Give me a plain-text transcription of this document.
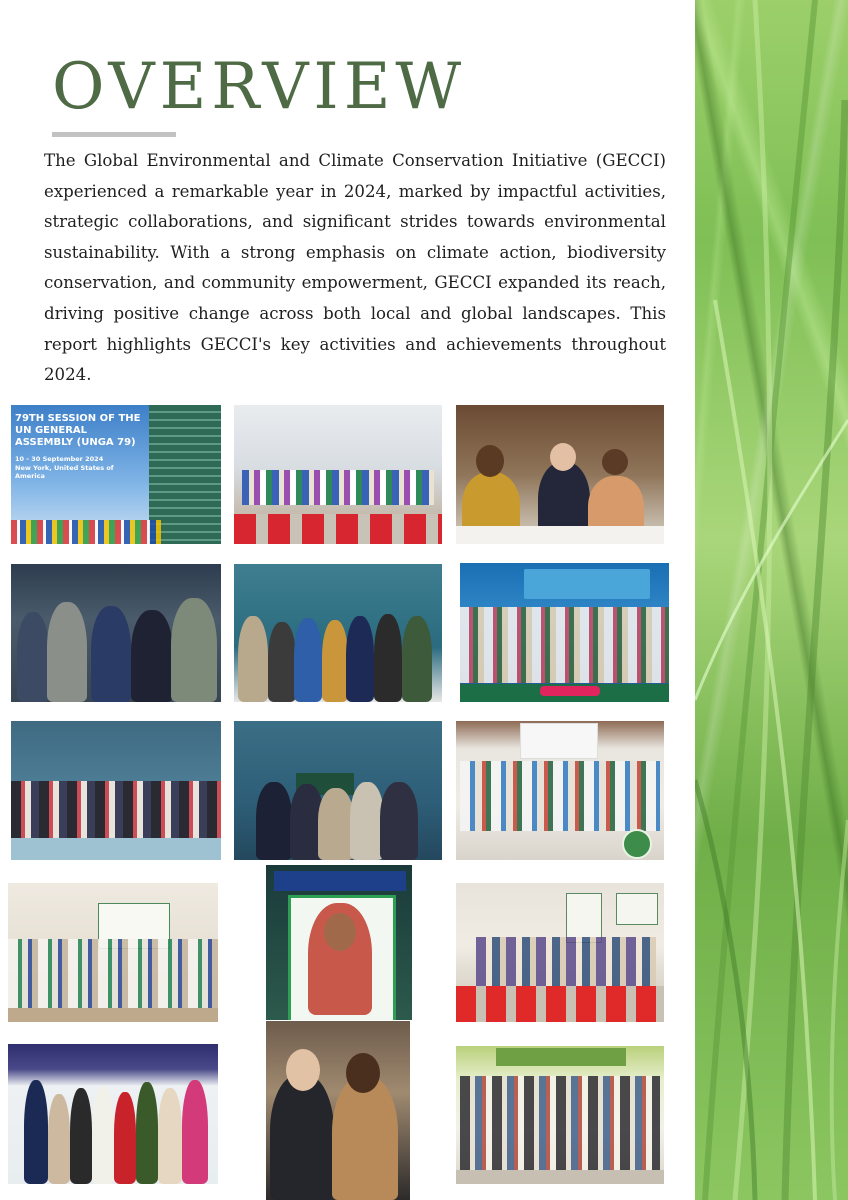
OVERVIEW

The Global Environmental and Climate Conservation Initiative (GECCI) experienced a remarkable year in 2024, marked by impactful activities, strategic collaborations, and significant strides towards environmental sustainability. With a strong emphasis on climate action, biodiversity conservation, and community empowerment, GECCI expanded its reach, driving positive change across both local and global landscapes. This report highlights GECCI's key activities and achievements throughout 2024.

79TH SESSION OF THE UN GENERAL ASSEMBLY (UNGA 79)
10 - 30 September 2024
New York, United States of America
